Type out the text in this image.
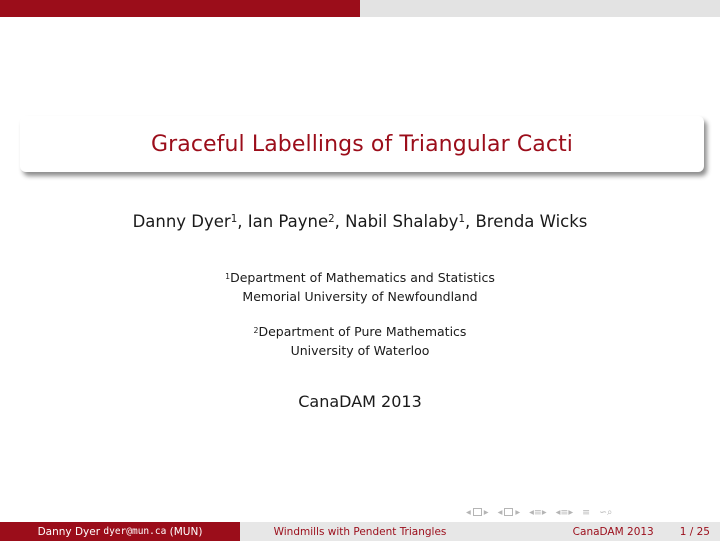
Graceful Labellings of Triangular Cacti
Danny Dyer$^1$, Ian Payne$^2$, Nabil Shalaby$^1$, Brenda Wicks
$^1$Department of Mathematics and Statistics
Memorial University of Newfoundland
$^2$Department of Pure Mathematics
University of Waterloo
CanaDAM 2013
◂ ▸ ◂ ▸ ◂≡▸ ◂≡▸ ≡ ∽⌕
Danny Dyer
dyer@mun.ca
(MUN)	Windmills with Pendent Triangles	CanaDAM 2013 1 / 25
